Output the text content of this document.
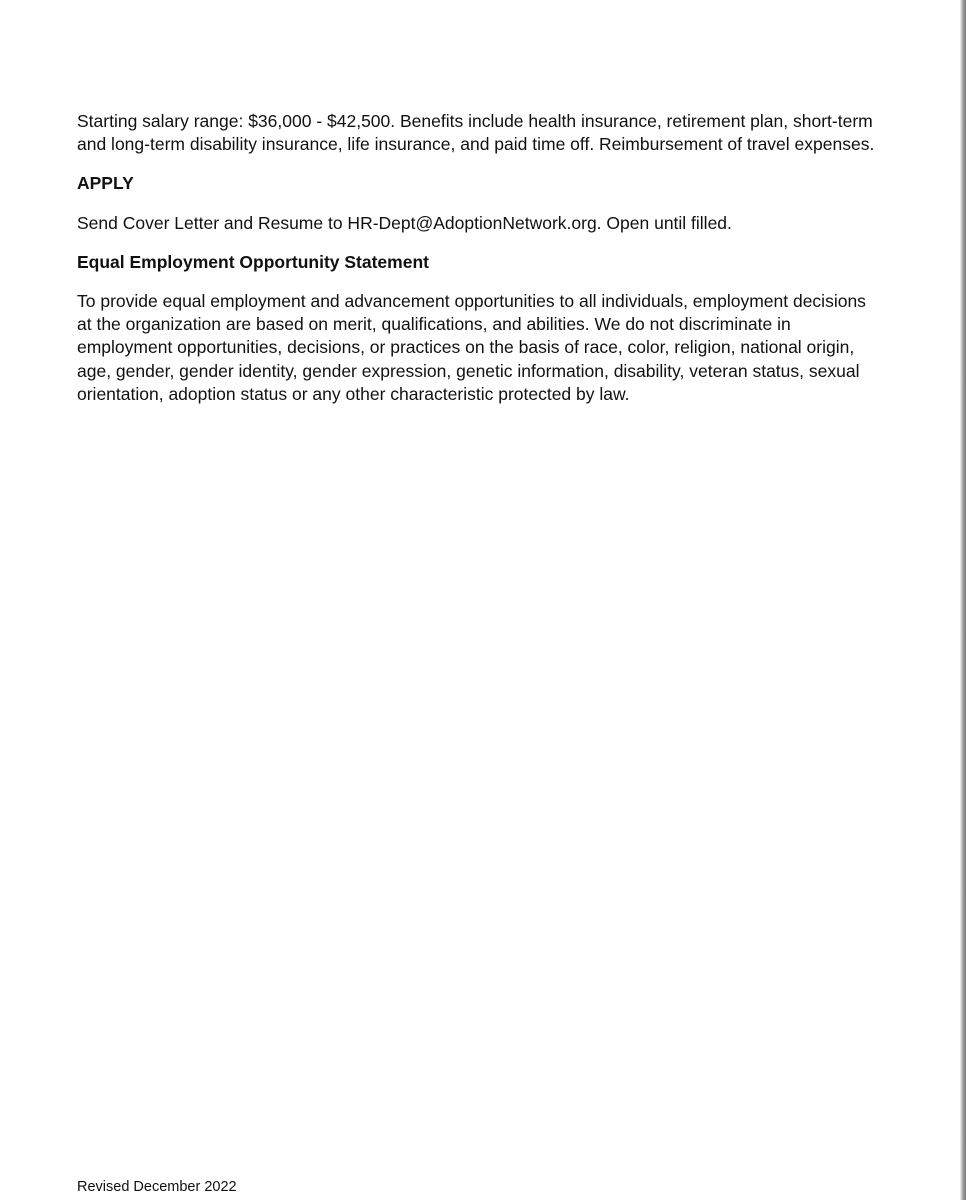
Starting salary range: $36,000 - $42,500. Benefits include health insurance, retirement plan, short-term and long-term disability insurance, life insurance, and paid time off. Reimbursement of travel expenses.

APPLY

Send Cover Letter and Resume to HR-Dept@AdoptionNetwork.org. Open until filled.

Equal Employment Opportunity Statement

To provide equal employment and advancement opportunities to all individuals, employment decisions at the organization are based on merit, qualifications, and abilities. We do not discriminate in employment opportunities, decisions, or practices on the basis of race, color, religion, national origin, age, gender, gender identity, gender expression, genetic information, disability, veteran status, sexual orientation, adoption status or any other characteristic protected by law.

Revised December 2022
